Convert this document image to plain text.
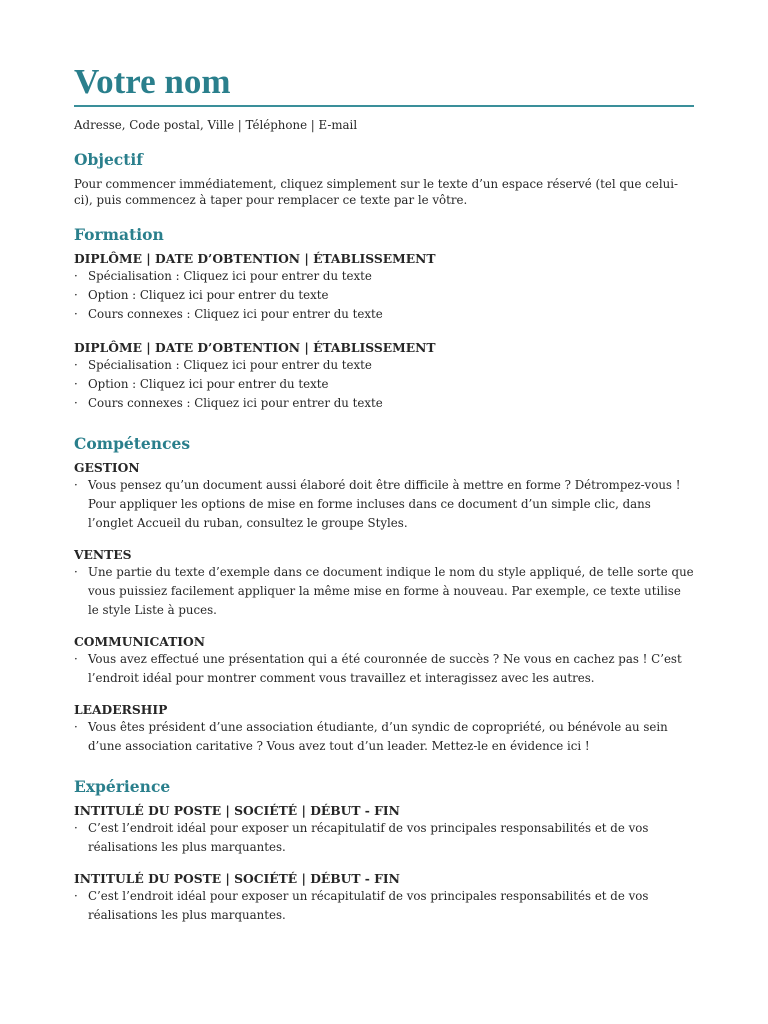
Votre nom
Adresse, Code postal, Ville | Téléphone | E-mail
Objectif

Pour commencer immédiatement, cliquez simplement sur le texte d’un espace réservé (tel que celui-ci), puis commencez à taper pour remplacer ce texte par le vôtre.

Formation

DIPLÔME | DATE D’OBTENTION | ÉTABLISSEMENT

· Spécialisation : Cliquez ici pour entrer du texte
· Option : Cliquez ici pour entrer du texte
· Cours connexes : Cliquez ici pour entrer du texte

DIPLÔME | DATE D’OBTENTION | ÉTABLISSEMENT

· Spécialisation : Cliquez ici pour entrer du texte
· Option : Cliquez ici pour entrer du texte
· Cours connexes : Cliquez ici pour entrer du texte
Compétences

GESTION

· Vous pensez qu’un document aussi élaboré doit être difficile à mettre en forme ? Détrompez-vous ! Pour appliquer les options de mise en forme incluses dans ce document d’un simple clic, dans l’onglet Accueil du ruban, consultez le groupe Styles.

VENTES

· Une partie du texte d’exemple dans ce document indique le nom du style appliqué, de telle sorte que vous puissiez facilement appliquer la même mise en forme à nouveau. Par exemple, ce texte utilise le style Liste à puces.

COMMUNICATION

· Vous avez effectué une présentation qui a été couronnée de succès ? Ne vous en cachez pas ! C’est l’endroit idéal pour montrer comment vous travaillez et interagissez avec les autres.

LEADERSHIP

· Vous êtes président d’une association étudiante, d’un syndic de copropriété, ou bénévole au sein d’une association caritative ? Vous avez tout d’un leader. Mettez-le en évidence ici !
Expérience

INTITULÉ DU POSTE | SOCIÉTÉ | DÉBUT - FIN

· C’est l’endroit idéal pour exposer un récapitulatif de vos principales responsabilités et de vos réalisations les plus marquantes.

INTITULÉ DU POSTE | SOCIÉTÉ | DÉBUT - FIN

· C’est l’endroit idéal pour exposer un récapitulatif de vos principales responsabilités et de vos réalisations les plus marquantes.
